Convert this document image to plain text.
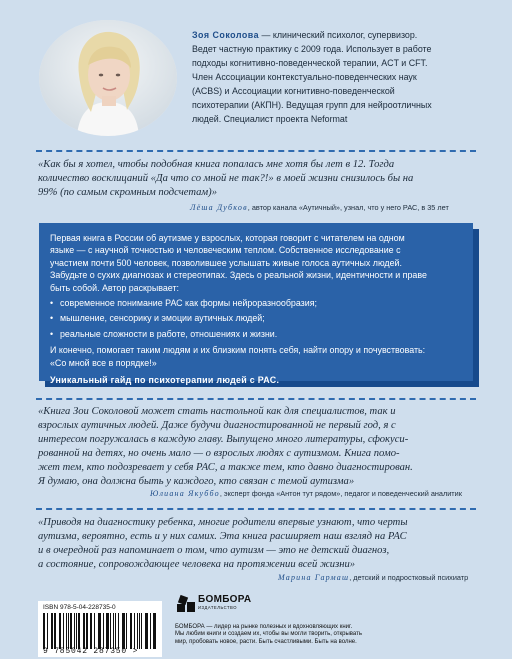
Зоя Соколова — клинический психолог, супервизор.
Ведет частную практику с 2009 года. Использует в работе
подходы когнитивно-поведенческой терапии, ACT и CFT.
Член Ассоциации контекстуально-поведенческих наук
(ACBS) и Ассоциации когнитивно-поведенческой
психотерапии (АКПН). Ведущая групп для нейроотличных
людей. Специалист проекта Neformat
«Как бы я хотел, чтобы подобная книга попалась мне хотя бы лет в 12. Тогда
количество восклицаний «Да что со мной не так?!» в моей жизни снизилось бы на
99% (по самым скромным подсчетам)»
Лёша Дубков, автор канала «Аутичный», узнал, что у него РАС, в 35 лет
Первая книга в России об аутизме у взрослых, которая говорит с читателем на одном
языке — с научной точностью и человеческим теплом. Собственное исследование с
участием почти 500 человек, позволившее услышать живые голоса аутичных людей.
Забудьте о сухих диагнозах и стереотипах. Здесь о реальной жизни, идентичности и праве
быть собой. Автор раскрывает:
• современное понимание РАС как формы нейроразнообразия;
• мышление, сенсорику и эмоции аутичных людей;
• реальные сложности в работе, отношениях и жизни.
И конечно, помогает таким людям и их близким понять себя, найти опору и почувствовать:
«Со мной все в порядке!»
Уникальный гайд по психотерапии людей с РАС.
«Книга Зои Соколовой может стать настольной как для специалистов, так и
взрослых аутичных людей. Даже будучи диагностированной не первый год, я с
интересом погружалась в каждую главу. Выпущено много литературы, сфокуси-
рованной на детях, но очень мало — о взрослых людях с аутизмом. Книга помо-
жет тем, кто подозревает у себя РАС, а также тем, кто давно диагностирован.
Я думаю, она должна быть у каждого, кто связан с темой аутизма»
Юлиана Якуббо, эксперт фонда «Антон тут рядом», педагог и поведенческий аналитик
«Приводя на диагностику ребенка, многие родители впервые узнают, что черты
аутизма, вероятно, есть и у них самих. Эта книга расширяет наш взгляд на РАС
и в очередной раз напоминает о том, что аутизм — это не детский диагноз,
а состояние, сопровождающее человека на протяжении всей жизни»
Марина Гармаш, детский и подростковый психиатр
ISBN 978-5-04-228735-0
9 785042 287350 >
БОМБОРА
ИЗДАТЕЛЬСТВО
БОМБОРА — лидер на рынке полезных и вдохновляющих книг.
Мы любим книги и создаем их, чтобы вы могли творить, открывать
мир, пробовать новое, расти. Быть счастливыми. Быть на волне.
